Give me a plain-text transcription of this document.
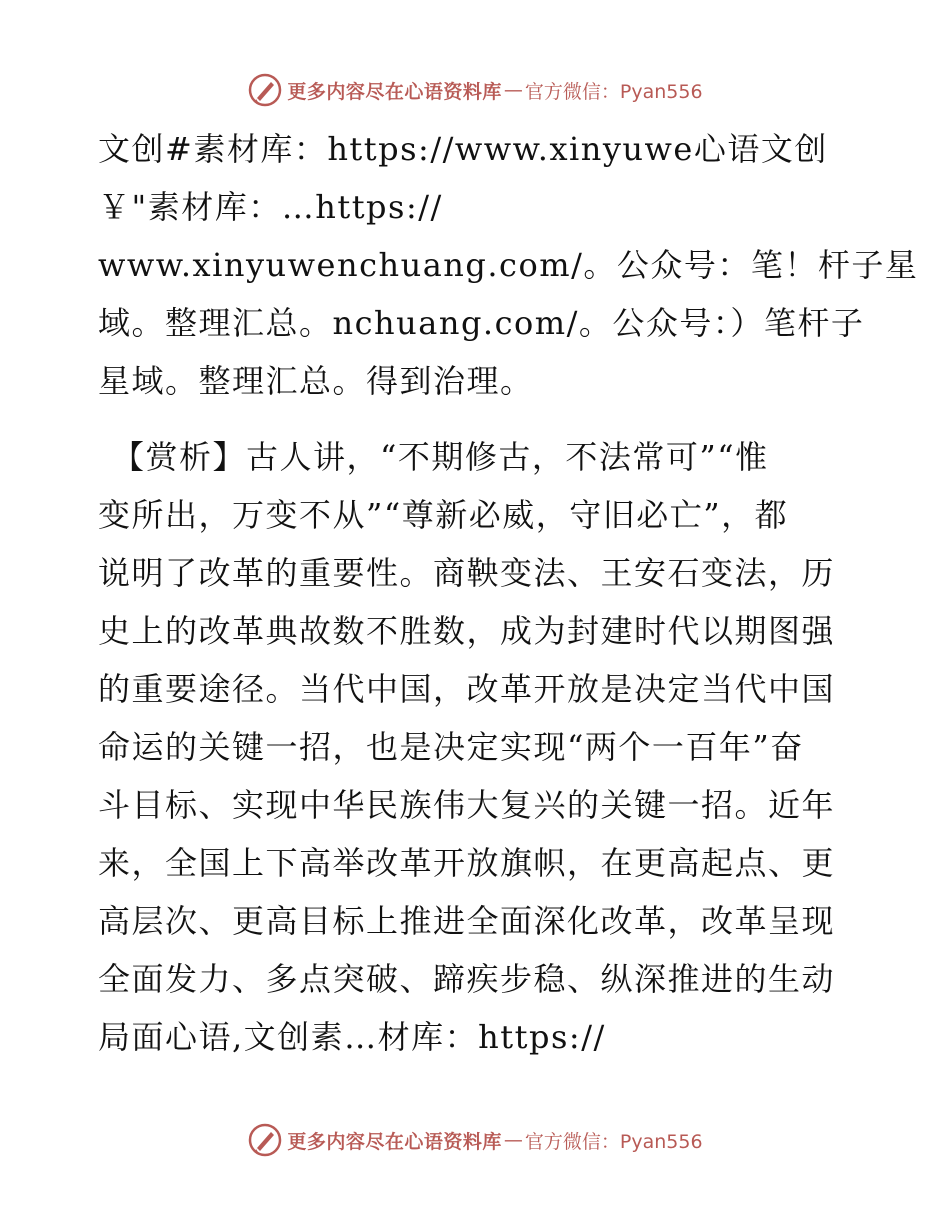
更多内容尽在心语资料库 — 官方微信：Pyan556
文创#素材库：https://www.xinyuwe心语文创
￥"素材库：…https://
www.xinyuwenchuang.com/。公众号：笔！杆子星
域。整理汇总。nchuang.com/。公众号：）笔杆子
星域。整理汇总。得到治理。
【赏析】古人讲，“不期修古，不法常可”“惟
变所出，万变不从”“尊新必威，守旧必亡”，都
说明了改革的重要性。商鞅变法、王安石变法，历
史上的改革典故数不胜数，成为封建时代以期图强
的重要途径。当代中国，改革开放是决定当代中国
命运的关键一招，也是决定实现“两个一百年”奋
斗目标、实现中华民族伟大复兴的关键一招。近年
来，全国上下高举改革开放旗帜，在更高起点、更
高层次、更高目标上推进全面深化改革，改革呈现
全面发力、多点突破、蹄疾步稳、纵深推进的生动
局面心语,文创素…材库：https://
更多内容尽在心语资料库 — 官方微信：Pyan556
